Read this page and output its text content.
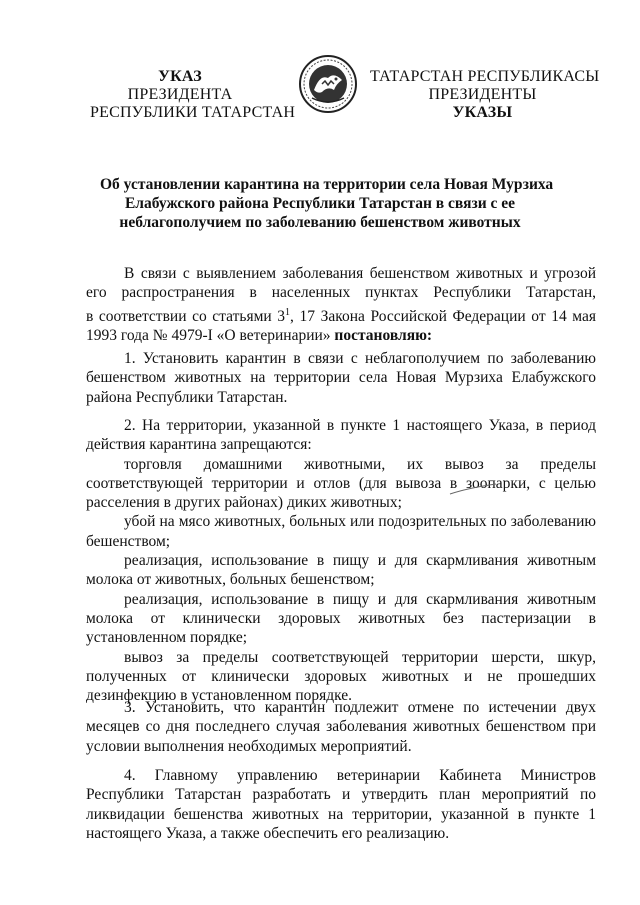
УКАЗ
ПРЕЗИДЕНТА
РЕСПУБЛИКИ ТАТАРСТАН
ТАТАРСТАН РЕСПУБЛИКАСЫ
ПРЕЗИДЕНТЫ
УКАЗЫ
Об установлении карантина на территории села Новая Мурзиха
Елабужского района Республики Татарстан в связи с ее
неблагополучием по заболеванию бешенством животных
В связи с выявлением заболевания бешенством животных и угрозой
его распространения в населенных пунктах Республики Татарстан,
в соответствии со статьями $3^1$, 17 Закона Российской Федерации от 14 мая
1993 года № 4979-I «О ветеринарии» постановляю:
1. Установить карантин в связи с неблагополучием по заболеванию
бешенством животных на территории села Новая Мурзиха Елабужского
района Республики Татарстан.
2. На территории, указанной в пункте 1 настоящего Указа, в период
действия карантина запрещаются:
торговля домашними животными, их вывоз за пределы
соответствующей территории и отлов (для вывоза в зоопарки, с целью
расселения в других районах) диких животных;
убой на мясо животных, больных или подозрительных по заболеванию
бешенством;
реализация, использование в пищу и для скармливания животным
молока от животных, больных бешенством;
реализация, использование в пищу и для скармливания животным
молока от клинически здоровых животных без пастеризации в
установленном порядке;
вывоз за пределы соответствующей территории шерсти, шкур,
полученных от клинически здоровых животных и не прошедших
дезинфекцию в установленном порядке.
3. Установить, что карантин подлежит отмене по истечении двух
месяцев со дня последнего случая заболевания животных бешенством при
условии выполнения необходимых мероприятий.
4. Главному управлению ветеринарии Кабинета Министров
Республики Татарстан разработать и утвердить план мероприятий по
ликвидации бешенства животных на территории, указанной в пункте 1
настоящего Указа, а также обеспечить его реализацию.
